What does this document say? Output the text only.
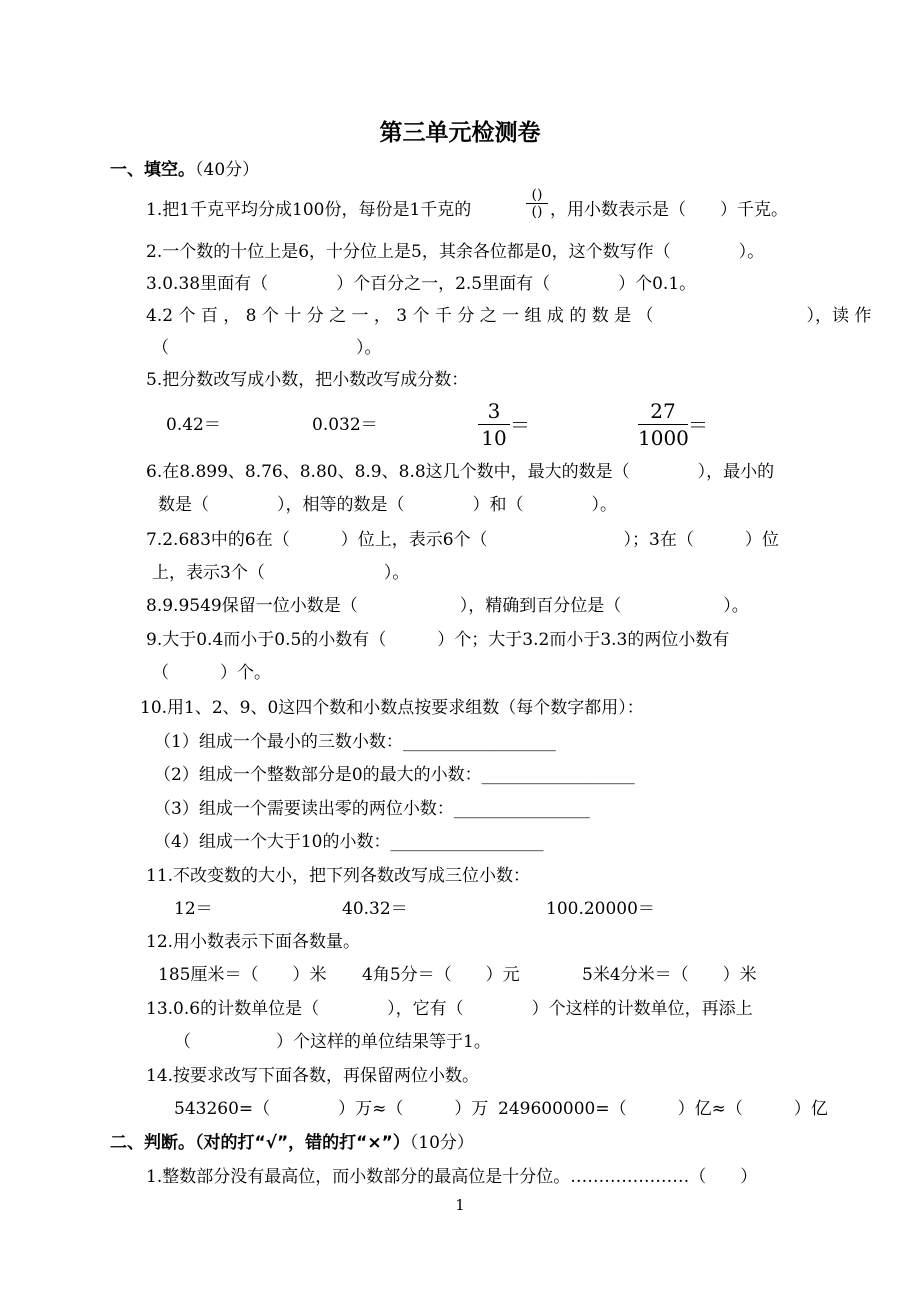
第三单元检测卷
一、填空。（40分）
1.把1千克平均分成100份，每份是1千克的
()
() ，用小数表示是（　　）千克。
2.一个数的十位上是6，十分位上是5，其余各位都是0，这个数写作（　　　　）。
3.0.38里面有（　　　　）个百分之一，2.5里面有（　　　　）个0.1。
4.2 个 百 ， 8 个 十 分 之 一 ， 3 个 千 分 之 一 组 成 的 数 是 （　　　　　　　　　），读 作
（　　　　　　　　　　　）。
5.把分数改写成小数，把小数改写成分数：
0.42＝	0.032＝
3
10
＝
27
1000
＝
6.在8.899、8.76、8.80、8.9、8.8这几个数中，最大的数是（　　　　），最小的
数是（　　　　），相等的数是（　　　　）和（　　　　）。
7.2.683中的6在（　　　）位上，表示6个（　　　　　　　　）；3在（　　　）位
上，表示3个（　　　　　　　）。
8.9.9549保留一位小数是（　　　　　　），精确到百分位是（　　　　　　）。
9.大于0.4而小于0.5的小数有（　　　）个；大于3.2而小于3.3的两位小数有
（　　　）个。
10.用1、2、9、0这四个数和小数点按要求组数（每个数字都用）：
（1）组成一个最小的三数小数：__________________
（2）组成一个整数部分是0的最大的小数：__________________
（3）组成一个需要读出零的两位小数：________________
（4）组成一个大于10的小数：__________________
11.不改变数的大小，把下列各数改写成三位小数：
12＝	40.32＝	100.20000＝
12.用小数表示下面各数量。
185厘米＝（　　）米 4角5分＝（　　）元	5米4分米＝（　　）米
13.0.6的计数单位是（　　　　），它有（　　　　）个这样的计数单位，再添上
（　　　　　）个这样的单位结果等于1。
14.按要求改写下面各数，再保留两位小数。
543260=（　　　　）万≈（　　　）万 249600000=（　　　）亿≈（　　　）亿
二、判断。（对的打“√”，错的打“×”）（10分）
1.整数部分没有最高位，而小数部分的最高位是十分位。…………………（　　）
1
